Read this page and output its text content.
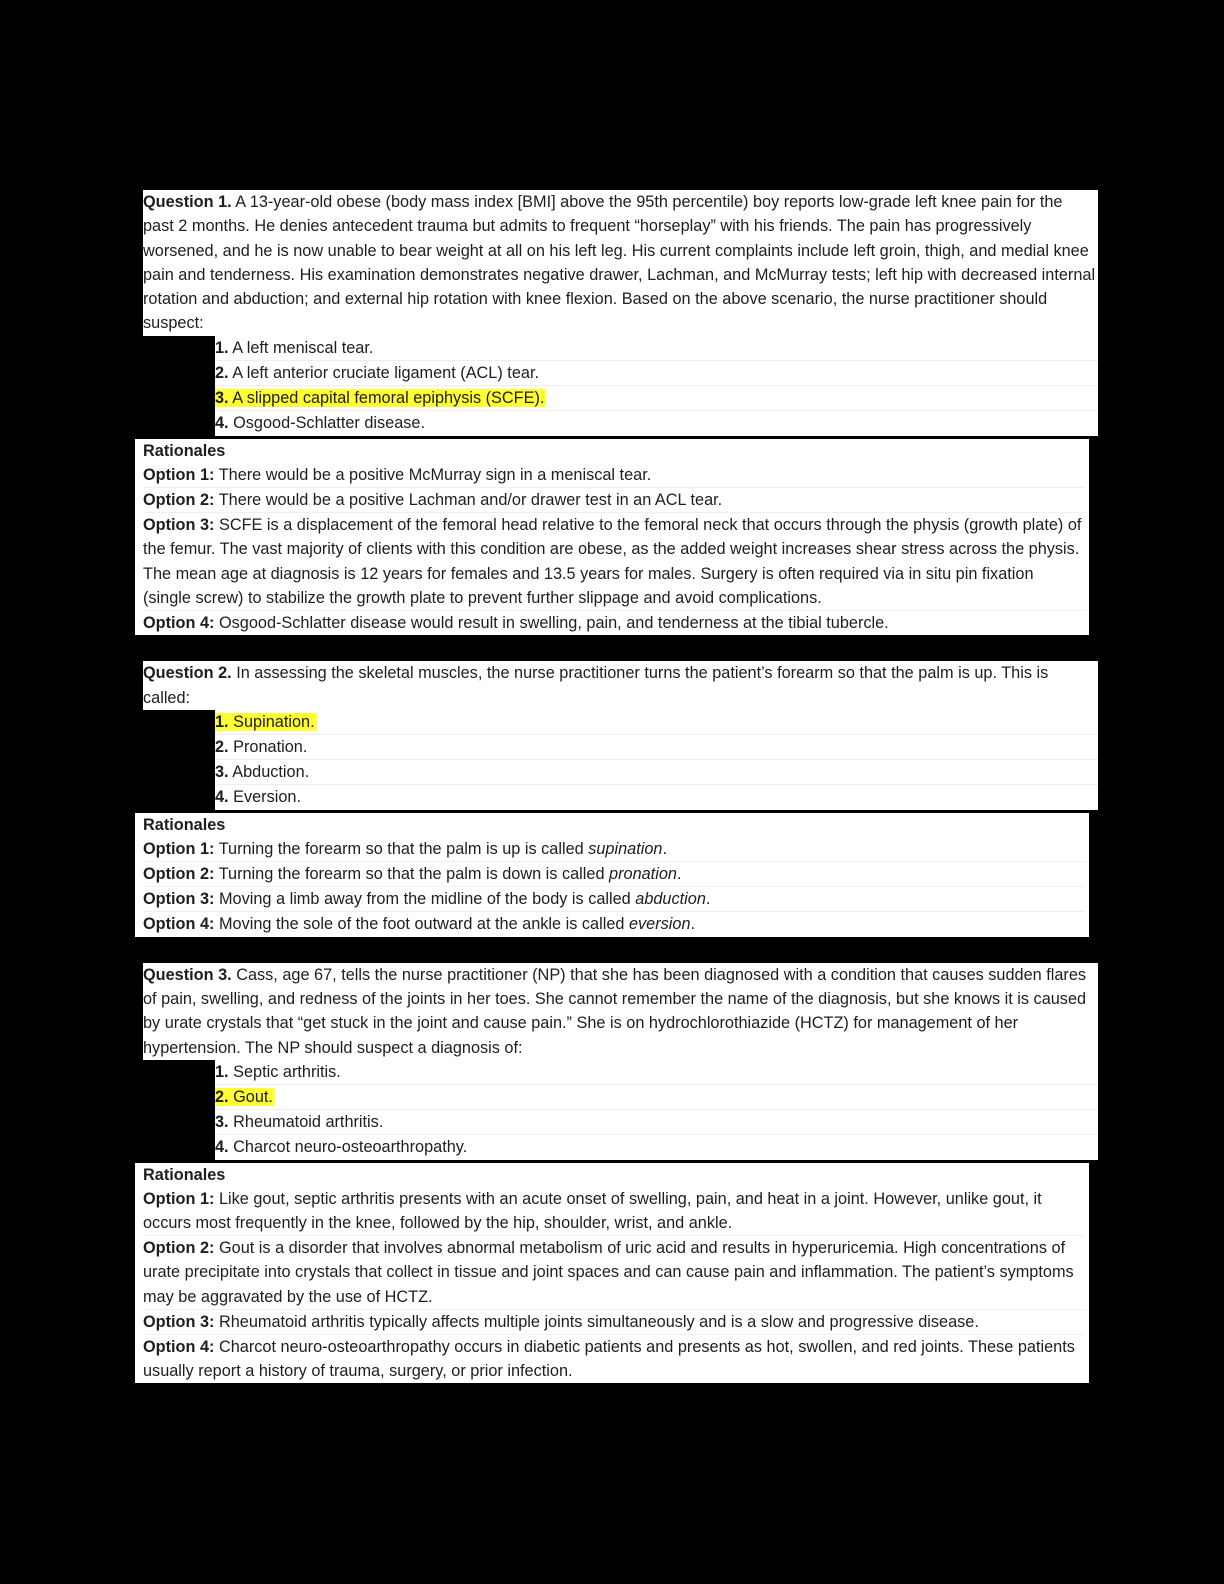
Question 1. A 13-year-old obese (body mass index [BMI] above the 95th percentile) boy reports low-grade left knee pain for the past 2 months. He denies antecedent trauma but admits to frequent “horseplay” with his friends. The pain has progressively worsened, and he is now unable to bear weight at all on his left leg. His current complaints include left groin, thigh, and medial knee pain and tenderness. His examination demonstrates negative drawer, Lachman, and McMurray tests; left hip with decreased internal rotation and abduction; and external hip rotation with knee flexion. Based on the above scenario, the nurse practitioner should suspect:
1. A left meniscal tear.
2. A left anterior cruciate ligament (ACL) tear.
3. A slipped capital femoral epiphysis (SCFE).
4. Osgood-Schlatter disease.
Rationales
Option 1: There would be a positive McMurray sign in a meniscal tear.
Option 2: There would be a positive Lachman and/or drawer test in an ACL tear.
Option 3: SCFE is a displacement of the femoral head relative to the femoral neck that occurs through the physis (growth plate) of the femur. The vast majority of clients with this condition are obese, as the added weight increases shear stress across the physis. The mean age at diagnosis is 12 years for females and 13.5 years for males. Surgery is often required via in situ pin fixation (single screw) to stabilize the growth plate to prevent further slippage and avoid complications.
Option 4: Osgood-Schlatter disease would result in swelling, pain, and tenderness at the tibial tubercle.
Question 2. In assessing the skeletal muscles, the nurse practitioner turns the patient’s forearm so that the palm is up. This is called:
1. Supination.
2. Pronation.
3. Abduction.
4. Eversion.
Rationales
Option 1: Turning the forearm so that the palm is up is called supination.
Option 2: Turning the forearm so that the palm is down is called pronation.
Option 3: Moving a limb away from the midline of the body is called abduction.
Option 4: Moving the sole of the foot outward at the ankle is called eversion.
Question 3. Cass, age 67, tells the nurse practitioner (NP) that she has been diagnosed with a condition that causes sudden flares of pain, swelling, and redness of the joints in her toes. She cannot remember the name of the diagnosis, but she knows it is caused by urate crystals that “get stuck in the joint and cause pain.” She is on hydrochlorothiazide (HCTZ) for management of her hypertension. The NP should suspect a diagnosis of:
1. Septic arthritis.
2. Gout.
3. Rheumatoid arthritis.
4. Charcot neuro-osteoarthropathy.
Rationales
Option 1: Like gout, septic arthritis presents with an acute onset of swelling, pain, and heat in a joint. However, unlike gout, it occurs most frequently in the knee, followed by the hip, shoulder, wrist, and ankle.
Option 2: Gout is a disorder that involves abnormal metabolism of uric acid and results in hyperuricemia. High concentrations of urate precipitate into crystals that collect in tissue and joint spaces and can cause pain and inflammation. The patient’s symptoms may be aggravated by the use of HCTZ.
Option 3: Rheumatoid arthritis typically affects multiple joints simultaneously and is a slow and progressive disease.
Option 4: Charcot neuro-osteoarthropathy occurs in diabetic patients and presents as hot, swollen, and red joints. These patients usually report a history of trauma, surgery, or prior infection.
